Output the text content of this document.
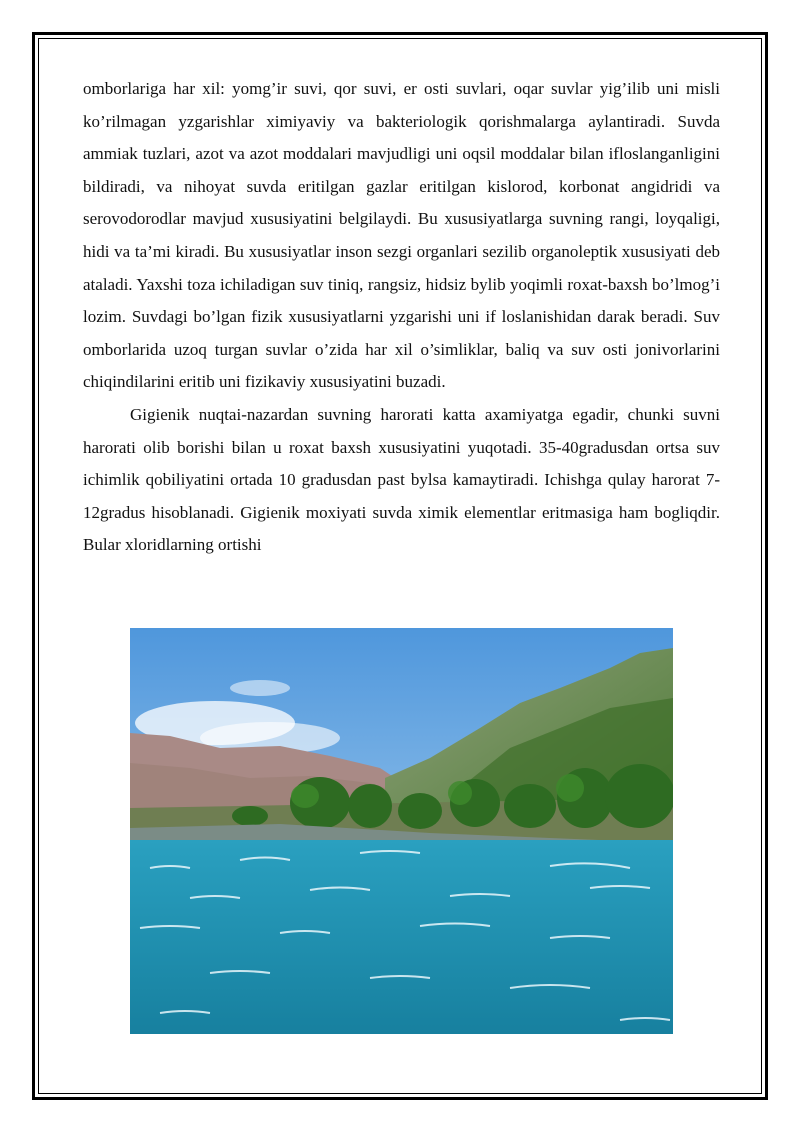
omborlariga har xil: yomg’ir suvi, qor suvi, er osti suvlari, oqar suvlar yig’ilib uni misli ko’rilmagan yzgarishlar ximiyaviy va bakteriologik qorishmalarga aylantiradi. Suvda ammiak tuzlari, azot va azot moddalari mavjudligi uni oqsil moddalar bilan ifloslanganligini bildiradi, va nihoyat suvda eritilgan gazlar eritilgan kislorod, korbonat angidridi va serovodorodlar mavjud xususiyatini belgilaydi. Bu xususiyatlarga suvning rangi, loyqaligi, hidi va ta’mi kiradi. Bu xususiyatlar inson sezgi organlari sezilib organoleptik xususiyati deb ataladi. Yaxshi toza ichiladigan suv tiniq, rangsiz, hidsiz bylib yoqimli roxat-baxsh bo’lmog’i lozim. Suvdagi bo’lgan fizik xususiyatlarni yzgarishi uni if loslanishidan darak beradi. Suv omborlarida uzoq turgan suvlar o’zida har xil o’simliklar, baliq va suv osti jonivorlarini chiqindilarini eritib uni fizikaviy xususiyatini buzadi.

Gigienik nuqtai-nazardan suvning harorati katta axamiyatga egadir, chunki suvni harorati olib borishi bilan u roxat baxsh xususiyatini yuqotadi. 35-40gradusdan ortsa suv ichimlik qobiliyatini ortada 10 gradusdan past bylsa kamaytiradi. Ichishga qulay harorat 7-12gradus hisoblanadi. Gigienik moxiyati suvda ximik elementlar eritmasiga ham bogliqdir. Bular xloridlarning ortishi
